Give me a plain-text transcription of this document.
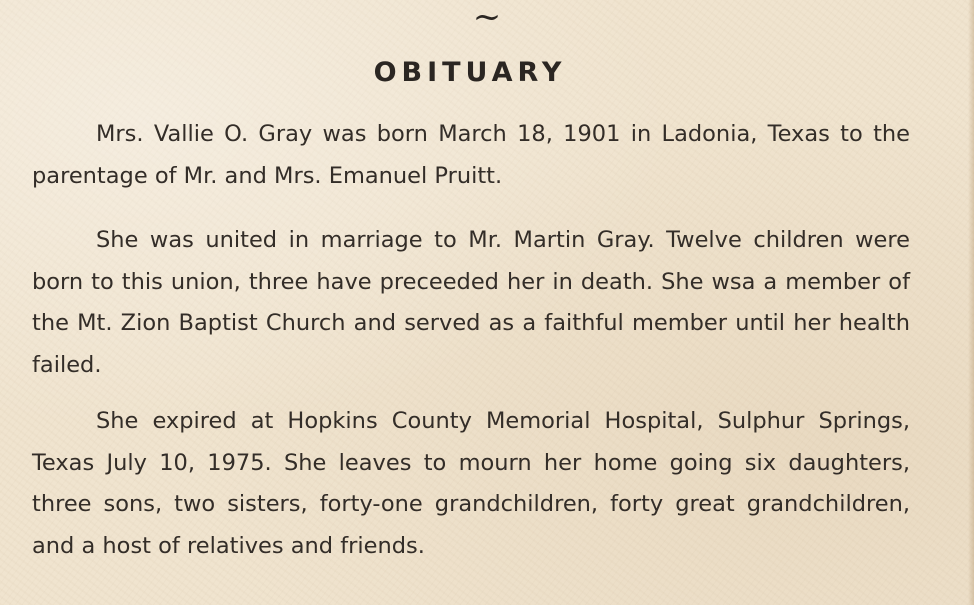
~
OBITUARY

Mrs. Vallie O. Gray was born March 18, 1901 in Ladonia, Texas to the parentage of Mr. and Mrs. Emanuel Pruitt.

She was united in marriage to Mr. Martin Gray. Twelve children were born to this union, three have preceeded her in death. She wsa a member of the Mt. Zion Baptist Church and served as a faithful member until her health failed.

She expired at Hopkins County Memorial Hospital, Sulphur Springs, Texas July 10, 1975. She leaves to mourn her home going six daughters, three sons, two sisters, forty-one grandchildren, forty great grandchildren, and a host of relatives and friends.
